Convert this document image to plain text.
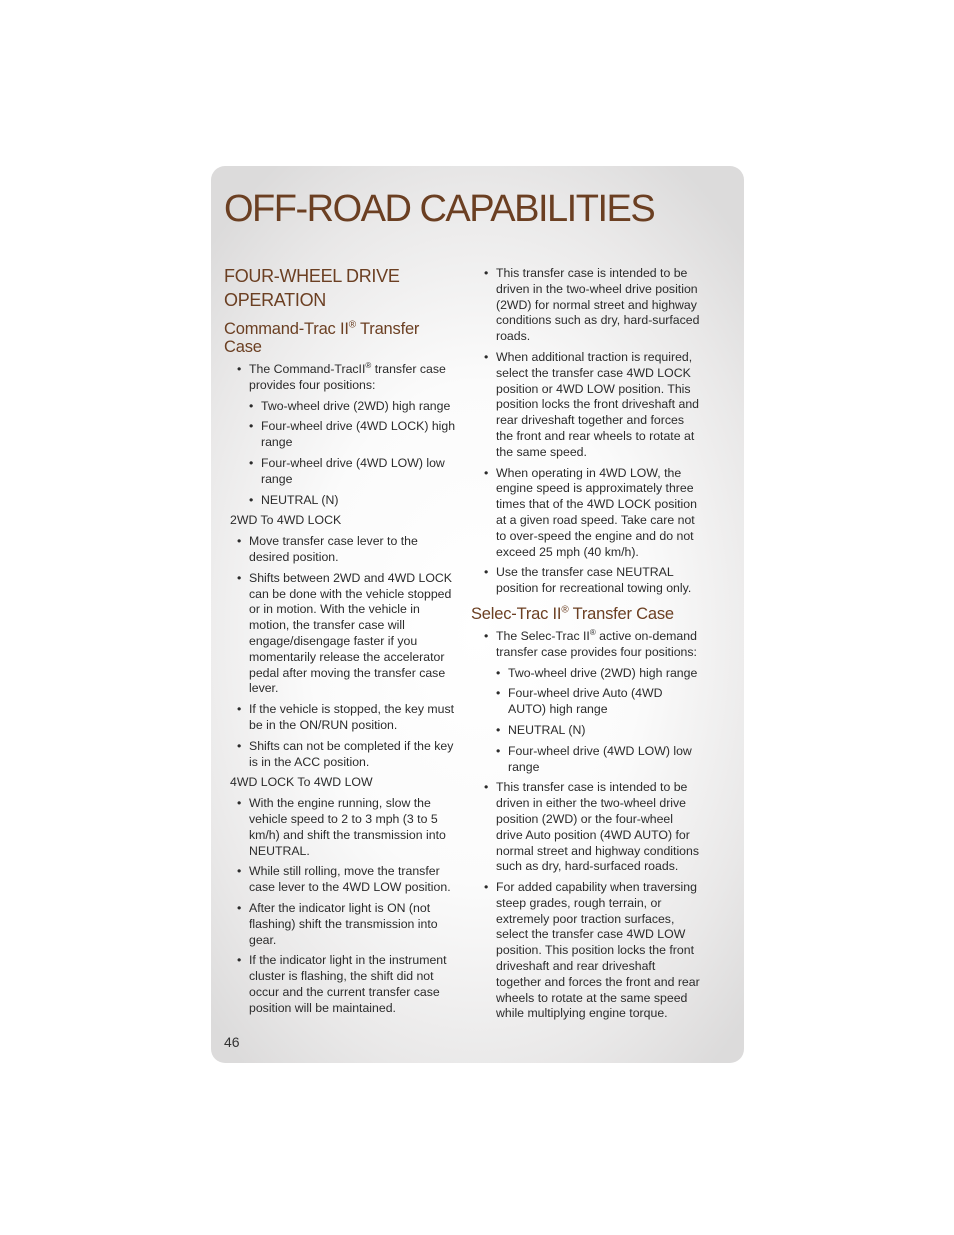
OFF-ROAD CAPABILITIES
FOUR-WHEEL DRIVE OPERATION
Command-Trac II® Transfer Case
• The Command-TracII® transfer case provides four positions:
• Two-wheel drive (2WD) high range
• Four-wheel drive (4WD LOCK) high range
• Four-wheel drive (4WD LOW) low range
• NEUTRAL (N)
2WD To 4WD LOCK
• Move transfer case lever to the desired position.
• Shifts between 2WD and 4WD LOCK can be done with the vehicle stopped or in motion. With the vehicle in motion, the transfer case will engage/disengage faster if you momentarily release the accelerator pedal after moving the transfer case lever.
• If the vehicle is stopped, the key must be in the ON/RUN position.
• Shifts can not be completed if the key is in the ACC position.
4WD LOCK To 4WD LOW
• With the engine running, slow the vehicle speed to 2 to 3 mph (3 to 5 km/h) and shift the transmission into NEUTRAL.
• While still rolling, move the transfer case lever to the 4WD LOW position.
• After the indicator light is ON (not flashing) shift the transmission into gear.
• If the indicator light in the instrument cluster is flashing, the shift did not occur and the current transfer case position will be maintained.
• This transfer case is intended to be driven in the two-wheel drive position (2WD) for normal street and highway conditions such as dry, hard-surfaced roads.
• When additional traction is required, select the transfer case 4WD LOCK position or 4WD LOW position. This position locks the front driveshaft and rear driveshaft together and forces the front and rear wheels to rotate at the same speed.
• When operating in 4WD LOW, the engine speed is approximately three times that of the 4WD LOCK position at a given road speed. Take care not to over-speed the engine and do not exceed 25 mph (40 km/h).
• Use the transfer case NEUTRAL position for recreational towing only.
Selec-Trac II® Transfer Case
• The Selec-Trac II® active on-demand transfer case provides four positions:
• Two-wheel drive (2WD) high range
• Four-wheel drive Auto (4WD AUTO) high range
• NEUTRAL (N)
• Four-wheel drive (4WD LOW) low range
• This transfer case is intended to be driven in either the two-wheel drive position (2WD) or the four-wheel drive Auto position (4WD AUTO) for normal street and highway conditions such as dry, hard-surfaced roads.
• For added capability when traversing steep grades, rough terrain, or extremely poor traction surfaces, select the transfer case 4WD LOW position. This position locks the front driveshaft and rear driveshaft together and forces the front and rear wheels to rotate at the same speed while multiplying engine torque.
46
